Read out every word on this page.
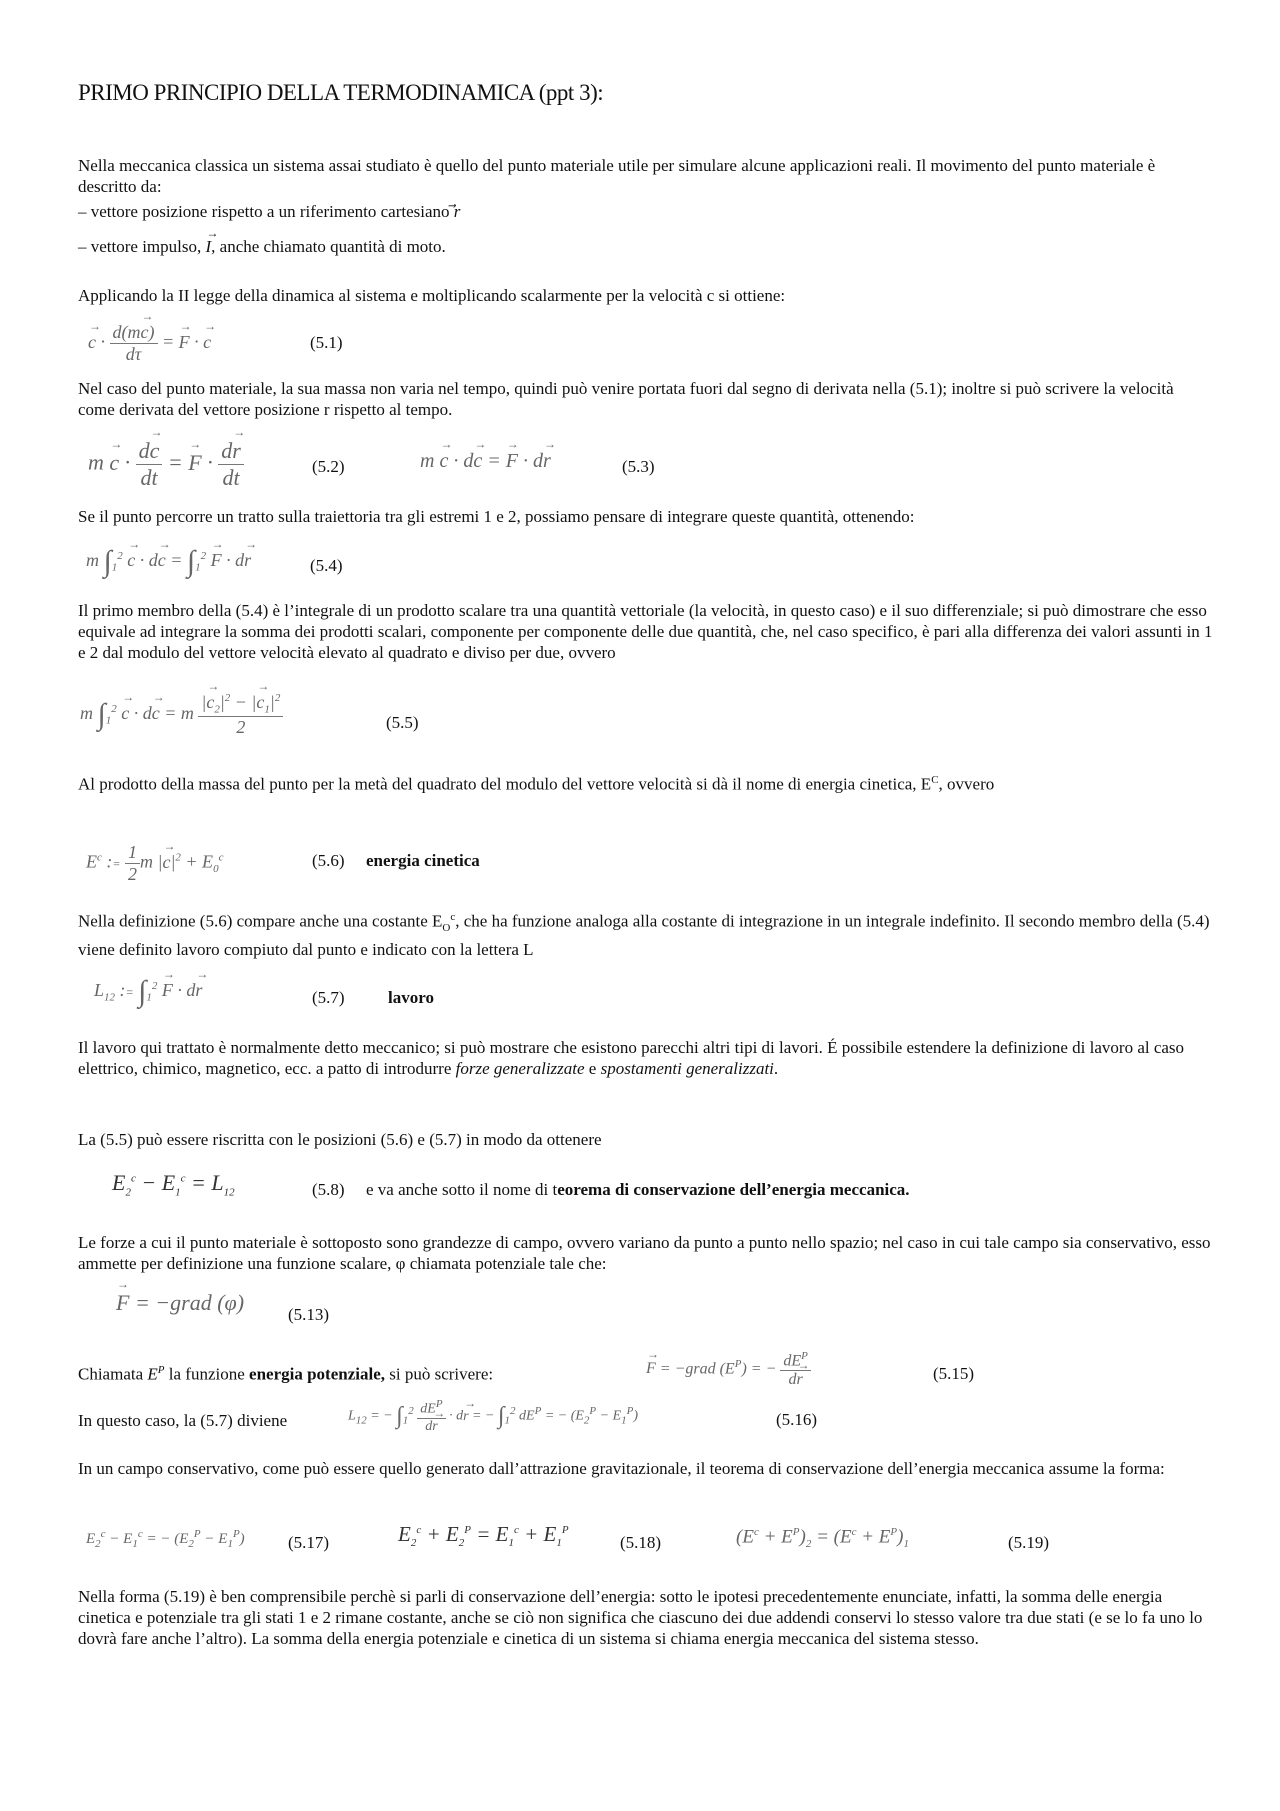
PRIMO PRINCIPIO DELLA TERMODINAMICA (ppt 3):
Nella meccanica classica un sistema assai studiato è quello del punto materiale utile per simulare alcune applicazioni reali. Il movimento del punto materiale è descritto da:
– vettore posizione rispetto a un riferimento cartesiano ⃗r
– vettore impulso, → I, anche chiamato quantità di moto.
Applicando la II legge della dinamica al sistema e moltiplicando scalarmente per la velocità c si ottiene:
→ $c \cdot \frac{d(m\to c)}{d\tau}$ = → F · → c	(5.1)
Nel caso del punto materiale, la sua massa non varia nel tempo, quindi può venire portata fuori dal segno di derivata nella (5.1); inoltre si può scrivere la velocità come derivata del vettore posizione r rispetto al tempo.
$m \to c \cdot \frac{d\to c}{dt}$ = → $F \cdot \frac{d\to r}{dt}$	(5.2)	m → c · d→ c = → F · d→ r	(5.3)
Se il punto percorre un tratto sulla traiettoria tra gli estremi 1 e 2, possiamo pensare di integrare queste quantità, ottenendo:
m $\int_1^2 \to c \cdot d\to c = \int_1^2 \to F \cdot d\to r$	(5.4)
Il primo membro della (5.4) è l’integrale di un prodotto scalare tra una quantità vettoriale (la velocità, in questo caso) e il suo differenziale; si può dimostrare che esso equivale ad integrare la somma dei prodotti scalari, componente per componente delle due quantità, che, nel caso specifico, è pari alla differenza dei valori assunti in 1 e 2 dal modulo del vettore velocità elevato al quadrato e diviso per due, ovvero
m $\int_1^2 \to c \cdot d\to c = m \frac{|\to c_2|^2 - |\to c_1|^2}{2}$	(5.5)
Al prodotto della massa del punto per la metà del quadrato del modulo del vettore velocità si dà il nome di energia cinetica, $E^C$, ovvero
$E^c$ := $\frac{1}{2}$ m |→ $c|^2 + E_0^c$	(5.6) energia cinetica
Nella definizione (5.6) compare anche una costante $E_O^c$, che ha funzione analoga alla costante di integrazione in un integrale indefinito. Il secondo membro della (5.4) viene definito lavoro compiuto dal punto e indicato con la lettera L
$L_{12}$ := $\int_1^2 \to F \cdot d\to r$	(5.7)	lavoro
Il lavoro qui trattato è normalmente detto meccanico; si può mostrare che esistono parecchi altri tipi di lavori. É possibile estendere la definizione di lavoro al caso elettrico, chimico, magnetico, ecc. a patto di introdurre forze generalizzate e spostamenti generalizzati.
La (5.5) può essere riscritta con le posizioni (5.6) e (5.7) in modo da ottenere
$E_2^c - E_1^c = L_{12}$	(5.8) e va anche sotto il nome di teorema di conservazione dell’energia meccanica.
Le forze a cui il punto materiale è sottoposto sono grandezze di campo, ovvero variano da punto a punto nello spazio; nel caso in cui tale campo sia conservativo, esso ammette per definizione una funzione scalare, φ chiamata potenziale tale che:
→ F = −grad (φ)	(5.13)
Chiamata $E^P$ la funzione energia potenziale, si può scrivere:	→ F = −grad $(E^P)$ = − $\frac{dE^P}{d\to r}$	(5.15)
In questo caso, la (5.7) diviene	$L_{12}$ = − $\int_1^2 \frac{dE^P}{d\to r} \cdot d\to r$ = − $\int_1^2$ $dE^P$ = − $(E_2^P - E_1^P)$	(5.16)
In un campo conservativo, come può essere quello generato dall’attrazione gravitazionale, il teorema di conservazione dell’energia meccanica assume la forma:
$E_2^c - E_1^c$ = − $(E_2^P - E_1^P)$	(5.17)	$E_2^c + E_2^P = E_1^c + E_1^P$
(5.18)	$(E^c + E^P)_2 = (E^c + E^P)_1$	(5.19)
Nella forma (5.19) è ben comprensibile perchè si parli di conservazione dell’energia: sotto le ipotesi precedentemente enunciate, infatti, la somma delle energia cinetica e potenziale tra gli stati 1 e 2 rimane costante, anche se ciò non significa che ciascuno dei due addendi conservi lo stesso valore tra due stati (e se lo fa uno lo dovrà fare anche l’altro). La somma della energia potenziale e cinetica di un sistema si chiama energia meccanica del sistema stesso.
